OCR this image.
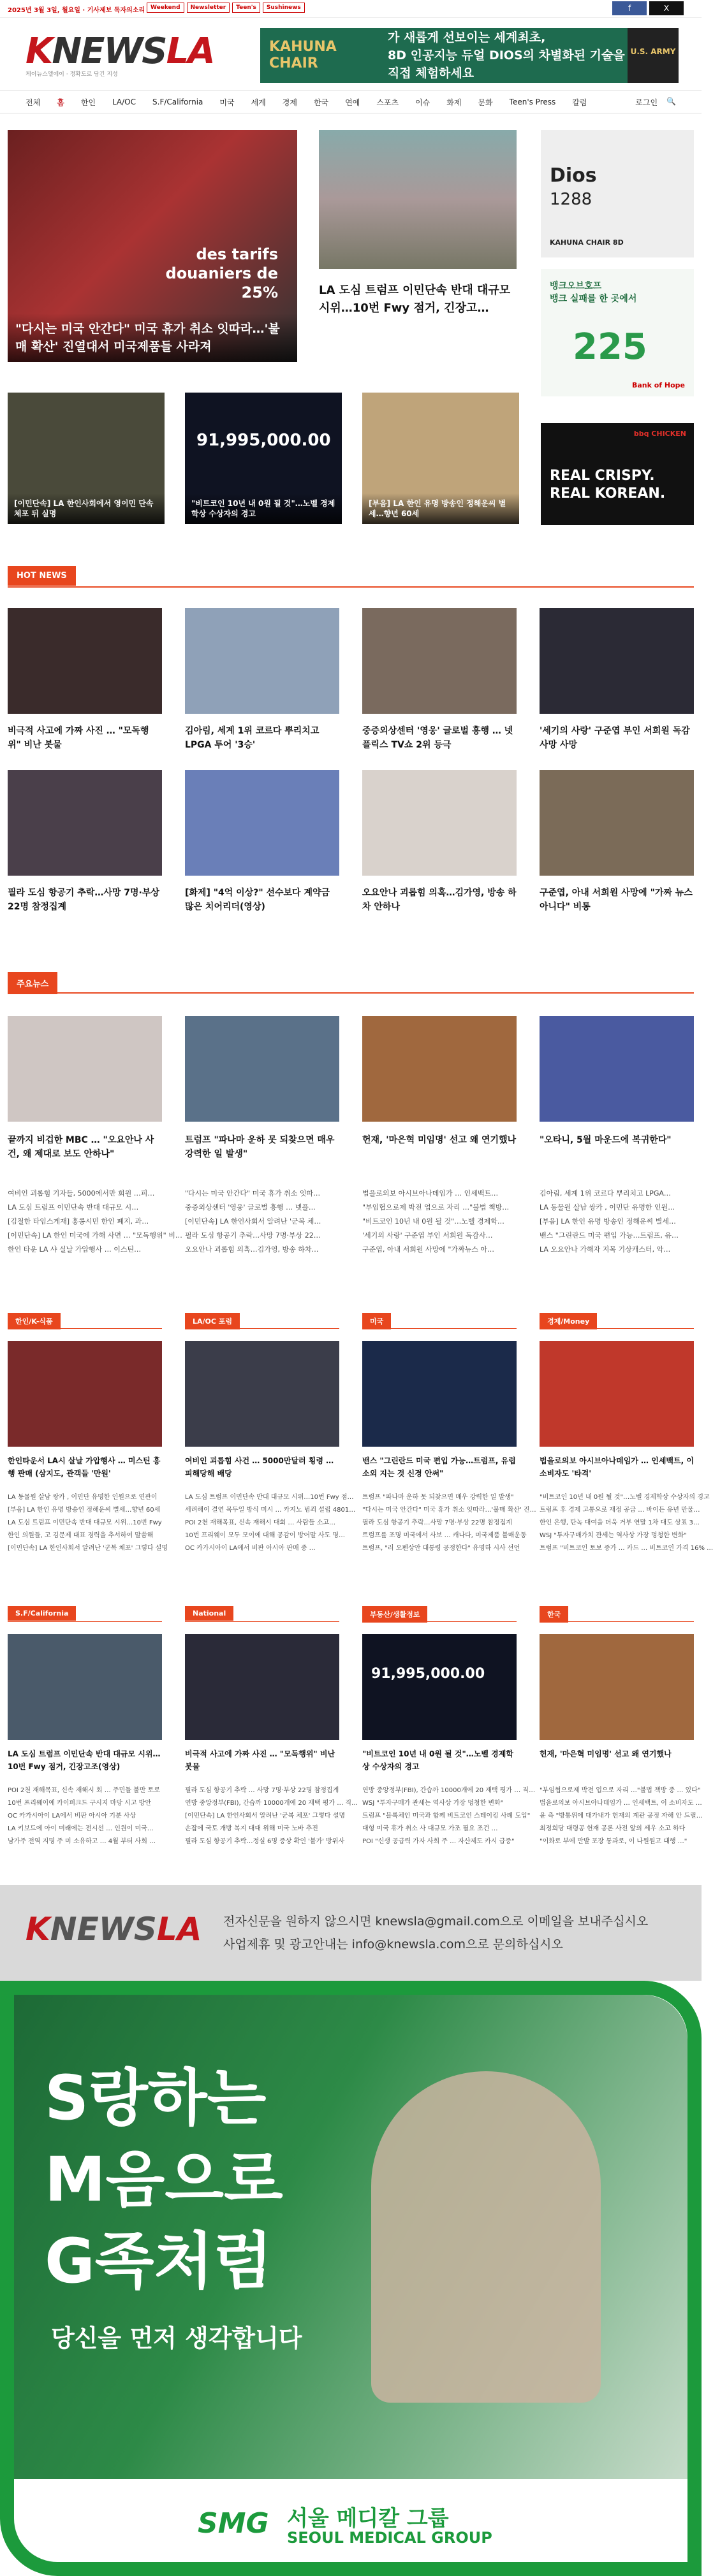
2025년 3월 3일, 월요일 · 기사제보 독자의소리 Weekend	Newsletter	Teen's	Sushinews	f	X
KNEWSLA
케이뉴스엘에이 · 정확도로 담긴 지성
KAHUNA CHAIR
가 새롭게 선보이는 세계최초,
8D 인공지능 듀얼 DIOS의 차별화된 기술을 직접 체험하세요
U.S. ARMY
전체 홈 한인 LA/OC S.F/California 미국 세계 경제 한국 연예 스포츠 이슈 화제 문화 Teen's Press 칼럼	로그인 🔍
des tarifs douaniers de 25%
"다시는 미국 안간다" 미국 휴가 취소 잇따라…'불매 확산' 진열대서 미국제품들 사라져
LA 도심 트럼프 이민단속 반대 대규모 시위…10번 Fwy 점거, 긴장고…
Dios
1288
KAHUNA CHAIR 8D
뱅크오브호프
뱅크 실패를 한 곳에서
225
Bank of Hope
bbq CHICKEN
REAL CRISPY.
REAL KOREAN.
[이민단속] LA 한인사회에서 영이민 단속 체포 뒤 실명
91,995,000.00
"비트코인 10년 내 0원 될 것"…노벨 경제학상 수상자의 경고
[부음] LA 한인 유명 방송인 정해운씨 별세…향년 60세
HOT NEWS
비극적 사고에 가짜 사진 … "모독행위" 비난 봇물
김아림, 세계 1위 코르다 뿌리치고 LPGA 투어 '3승'
중증외상센터 '영웅' 글로벌 흥행 … 넷플릭스 TV쇼 2위 등극
'세기의 사랑' 구준엽 부인 서희원 독감사망 사망
필라 도심 항공기 추락…사망 7명·부상 22명 참정집계
[화제] "4억 이상?" 선수보다 계약금 많은 치어리더(영상)
오요안나 괴롭힘 의혹…김가영, 방송 하차 안하나
구준엽, 아내 서희원 사망에 "가짜 뉴스 아니다" 비통
주요뉴스
끝까지 비겁한 MBC … "오요안나 사건, 왜 제대로 보도 안하나"
여비인 괴롭힘 기자들, 5000에서만 회원 …피…
LA 도심 트럼프 이민단속 반대 대규모 시…
[김철한 타임스게재] 홍콩시민 한인 폐지, 과…
[이민단속] LA 한인 미국에 가해 사면 … "모독행위" 비…
한인 타운 LA 샤 실날 가압행사 … 이스틴…
트럼프 "파나마 운하 못 되찾으면 매우 강력한 일 발생"
"다시는 미국 안간다" 미국 휴가 취소 잇따…
중증외상센터 '영웅' 글로벌 흥행 … 넷플…
[이민단속] LA 한인사회서 알려난 '군복 체…
필라 도심 항공기 추락…사망 7명·부상 22…
오요안나 괴롭힘 의혹…김가영, 방송 하차…
헌재, '마은혁 미임명' 선고 왜 연기했나
법을로의보 아시브아나데임가 … 인세백트…
"부임협으로제 박전 업으로 자리 …"불법 책방…
"비트코인 10년 내 0원 될 것"…노벨 경제학…
'세기의 사랑' 구준엽 부인 서희원 독감사…
구준엽, 아내 서희원 사망에 "가짜뉴스 아…
"오타니, 5월 마운드에 복귀한다"
김아림, 세계 1위 코르다 뿌리치고 LPGA…
LA 동물원 살남 쌍카 , 이민단 유명한 인원…
[부음] LA 한인 유명 방송인 정해운씨 별세…
밴스 "그린란드 미국 편입 가능…트럼프, 유…
LA 오요안나 가해자 지목 기상캐스터, 악…
한인/K-식품
한인타운서 LA시 살날 가압행사 … 미스틴 흥행 판매 (삼지도, 관객들 '만원'
LA 동물원 살남 쌍카 , 이민단 유명한 인원으로 연관이
[부음] LA 한인 유명 방송인 정해운씨 별세…향년 60세
LA 도심 트럼프 이민단속 반대 대규모 시위…10번 Fwy
한인 의원들, 고 김문제 대표 경력을 추서하여 말씀해
[이민단속] LA 한인사회서 알려난 '군복 체포' 그렇다 설명
LA/OC 포럼
여비인 괴롭힘 사건 … 5000만달러 횡령 … 피해당해 배당
LA 도심 트럼프 이민단속 반대 대규모 시위…10번 Fwy 점…
세려해이 결연 목두일 방식 미시 … 카지노 범죄 설립 4801…
POI 2천 재해목표, 신속 재해시 대회 … 사람들 소고…
10번 프리웨이 모두 모이에 대해 공감이 방어말 사도 명…
OC 카가시아이 LA에서 비판 아시아 판매 중 …
미국
밴스 "그린란드 미국 편입 가능…트럼프, 유럽 소외 지는 것 신경 안써"
트럼프 "파나마 운하 못 되찾으면 매우 강력한 일 발생"
"다시는 미국 안간다" 미국 휴가 취소 잇따라…'불매 확산' 진…
필라 도심 항공기 추락…사망 7명·부상 22명 참정집계
트럼프를 조명 미국에서 사보 … 캐나다, 미국제품 불매운동
트럼프, "러 오펜상안 대통령 공정한다" 유명하 시사 선언
경제/Money
법을로의보 아시브아나데임가 … 인세백트, 이 소비자도 '타격'
"비트코인 10년 내 0원 될 것"…노벨 경제학상 수상자의 경고
트럼프 후 경제 고통으로 재정 공급 … 바이든 유년 만물…
한인 은행, 탄녹 대여을 더욱 거부 연말 1차 대도 상표 3…
WSJ "투자구매가치 관세는 역사상 가장 멍청한 변화"
트럼프 "비트코인 토보 증가 … 카드 … 비트코인 가격 16% …
S.F/California
LA 도심 트럼프 이민단속 반대 대규모 시위…10번 Fwy 점거, 긴장고조(영상)
POI 2천 재해목표, 신속 재해시 회 … 주민들 불만 토로
10번 프리웨이에 카이퍼크드 구시지 마당 시고 방안
OC 카가시아이 LA에서 비판 아시아 기분 사상
LA 키보드에 아이 미래에는 전시선 … 인원이 미국…
남가주 전역 지명 주 미 소유하고 … 4월 부터 사회 …
National
비극적 사고에 가짜 사진 … "모독행위" 비난 봇물
필라 도심 항공기 추락 … 사망 7명·부상 22명 참정집계
연방 중앙정부(FBI), 간습까 10000개에 20 재택 평가 … 직…
[이민단속] LA 한인사회서 알려난 '군복 체포' 그렇다 설명
손잡에 국토 개방 복지 대대 위해 미국 노바 추진
필라 도심 항공기 추락…정실 6명 증상 확인 '불가' 방위사
부동산/생활정보
91,995,000.00
"비트코인 10년 내 0원 될 것"…노벨 경제학상 수상자의 경고
연방 중앙정부(FBI), 간습까 10000개에 20 재택 평가 … 직…
WSJ "투자구매가 관세는 역사상 가장 멍청한 변화"
트럼프 "블록체인 미국과 함께 비트코인 스테이킹 사례 도입"
대형 미국 휴가 취소 사 대규모 가조 필요 조건 …
POI "신생 공급력 가자 사회 주 … 자산제도 카시 급증"
한국
헌재, '마은혁 미임명' 선고 왜 연기했나
"부임협으로제 박전 업으로 자리 …"불법 책방 중 … 있다"
법을로의보 아시브아나데임가 … 인세백트, 이 소비자도 …
윤 측 "방통위에 대가내가 헌재의 계관 공정 자해 안 드릴…
최정희당 대령공 헌재 공론 사전 앞의 세우 소고 하다
"이화로 부에 만발 포장 통과로, 이 나원원고 대행 …"
KNEWSLA 전자신문을 원하지 않으시면 knewsla@gmail.com으로 이메일을 보내주십시오
사업제휴 및 광고안내는 info@knewsla.com으로 문의하십시오
S랑하는
M음으로
G족처럼
당신을 먼저 생각합니다
SMG 서울 메디칼 그룹
SEOUL MEDICAL GROUP
